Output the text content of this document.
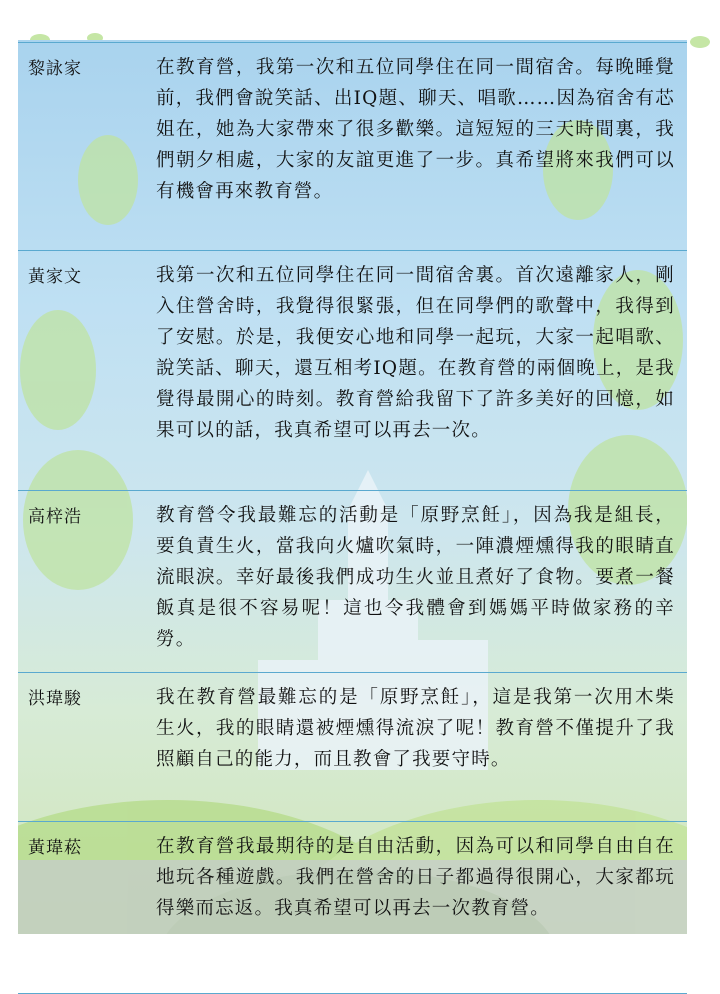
黎詠家	在教育營，我第一次和五位同學住在同一間宿舍。每晚睡覺前，我們會說笑話、出IQ題、聊天、唱歌……因為宿舍有芯姐在，她為大家帶來了很多歡樂。這短短的三天時間裏，我們朝夕相處，大家的友誼更進了一步。真希望將來我們可以有機會再來教育營。
黃家文	我第一次和五位同學住在同一間宿舍裏。首次遠離家人，剛入住營舍時，我覺得很緊張，但在同學們的歌聲中，我得到了安慰。於是，我便安心地和同學一起玩，大家一起唱歌、說笑話、聊天，還互相考IQ題。在教育營的兩個晚上，是我覺得最開心的時刻。教育營給我留下了許多美好的回憶，如果可以的話，我真希望可以再去一次。
高梓浩	教育營令我最難忘的活動是「原野烹飪」，因為我是組長，要負責生火，當我向火爐吹氣時，一陣濃煙燻得我的眼睛直流眼淚。幸好最後我們成功生火並且煮好了食物。要煮一餐飯真是很不容易呢！這也令我體會到媽媽平時做家務的辛勞。
洪瑋駿	我在教育營最難忘的是「原野烹飪」，這是我第一次用木柴生火，我的眼睛還被煙燻得流淚了呢！教育營不僅提升了我照顧自己的能力，而且教會了我要守時。
黃瑋菘	在教育營我最期待的是自由活動，因為可以和同學自由自在地玩各種遊戲。我們在營舍的日子都過得很開心，大家都玩得樂而忘返。我真希望可以再去一次教育營。
